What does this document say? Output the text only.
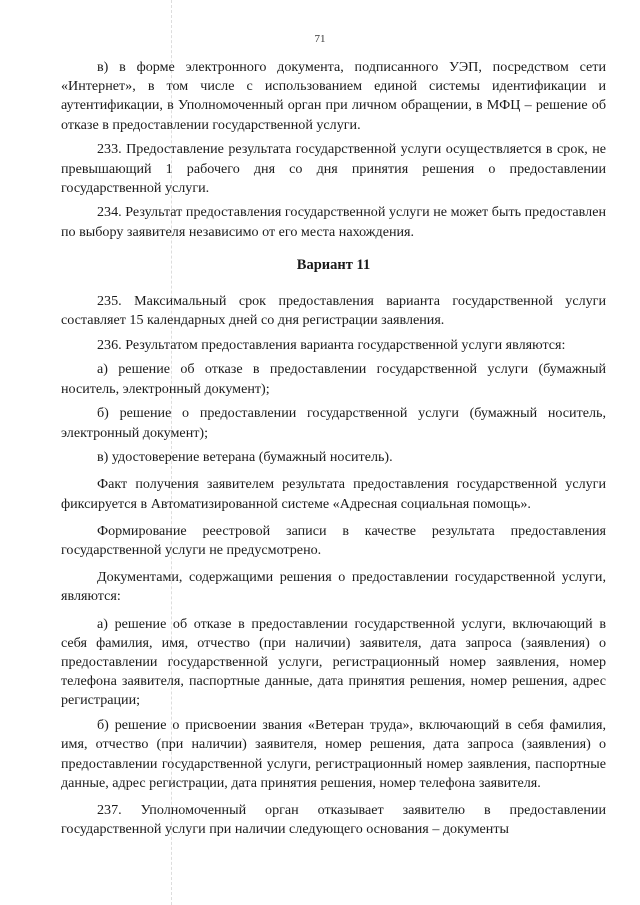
71

в) в форме электронного документа, подписанного УЭП, посредством сети «Интернет», в том числе с использованием единой системы идентификации и аутентификации, в Уполномоченный орган при личном обращении, в МФЦ – решение об отказе в предоставлении государственной услуги.

233. Предоставление результата государственной услуги осуществляется в срок, не превышающий 1 рабочего дня со дня принятия решения о предоставлении государственной услуги.

234. Результат предоставления государственной услуги не может быть предоставлен по выбору заявителя независимо от его места нахождения.

Вариант 11

235. Максимальный срок предоставления варианта государственной услуги составляет 15 календарных дней со дня регистрации заявления.

236. Результатом предоставления варианта государственной услуги являются:

а) решение об отказе в предоставлении государственной услуги (бумажный носитель, электронный документ);

б) решение о предоставлении государственной услуги (бумажный носитель, электронный документ);

в) удостоверение ветерана (бумажный носитель).

Факт получения заявителем результата предоставления государственной услуги фиксируется в Автоматизированной системе «Адресная социальная помощь».

Формирование реестровой записи в качестве результата предоставления государственной услуги не предусмотрено.

Документами, содержащими решения о предоставлении государственной услуги, являются:

а) решение об отказе в предоставлении государственной услуги, включающий в себя фамилия, имя, отчество (при наличии) заявителя, дата запроса (заявления) о предоставлении государственной услуги, регистрационный номер заявления, номер телефона заявителя, паспортные данные, дата принятия решения, номер решения, адрес регистрации;

б) решение о присвоении звания «Ветеран труда», включающий в себя фамилия, имя, отчество (при наличии) заявителя, номер решения, дата запроса (заявления) о предоставлении государственной услуги, регистрационный номер заявления, паспортные данные, адрес регистрации, дата принятия решения, номер телефона заявителя.

237. Уполномоченный орган отказывает заявителю в предоставлении государственной услуги при наличии следующего основания – документы
